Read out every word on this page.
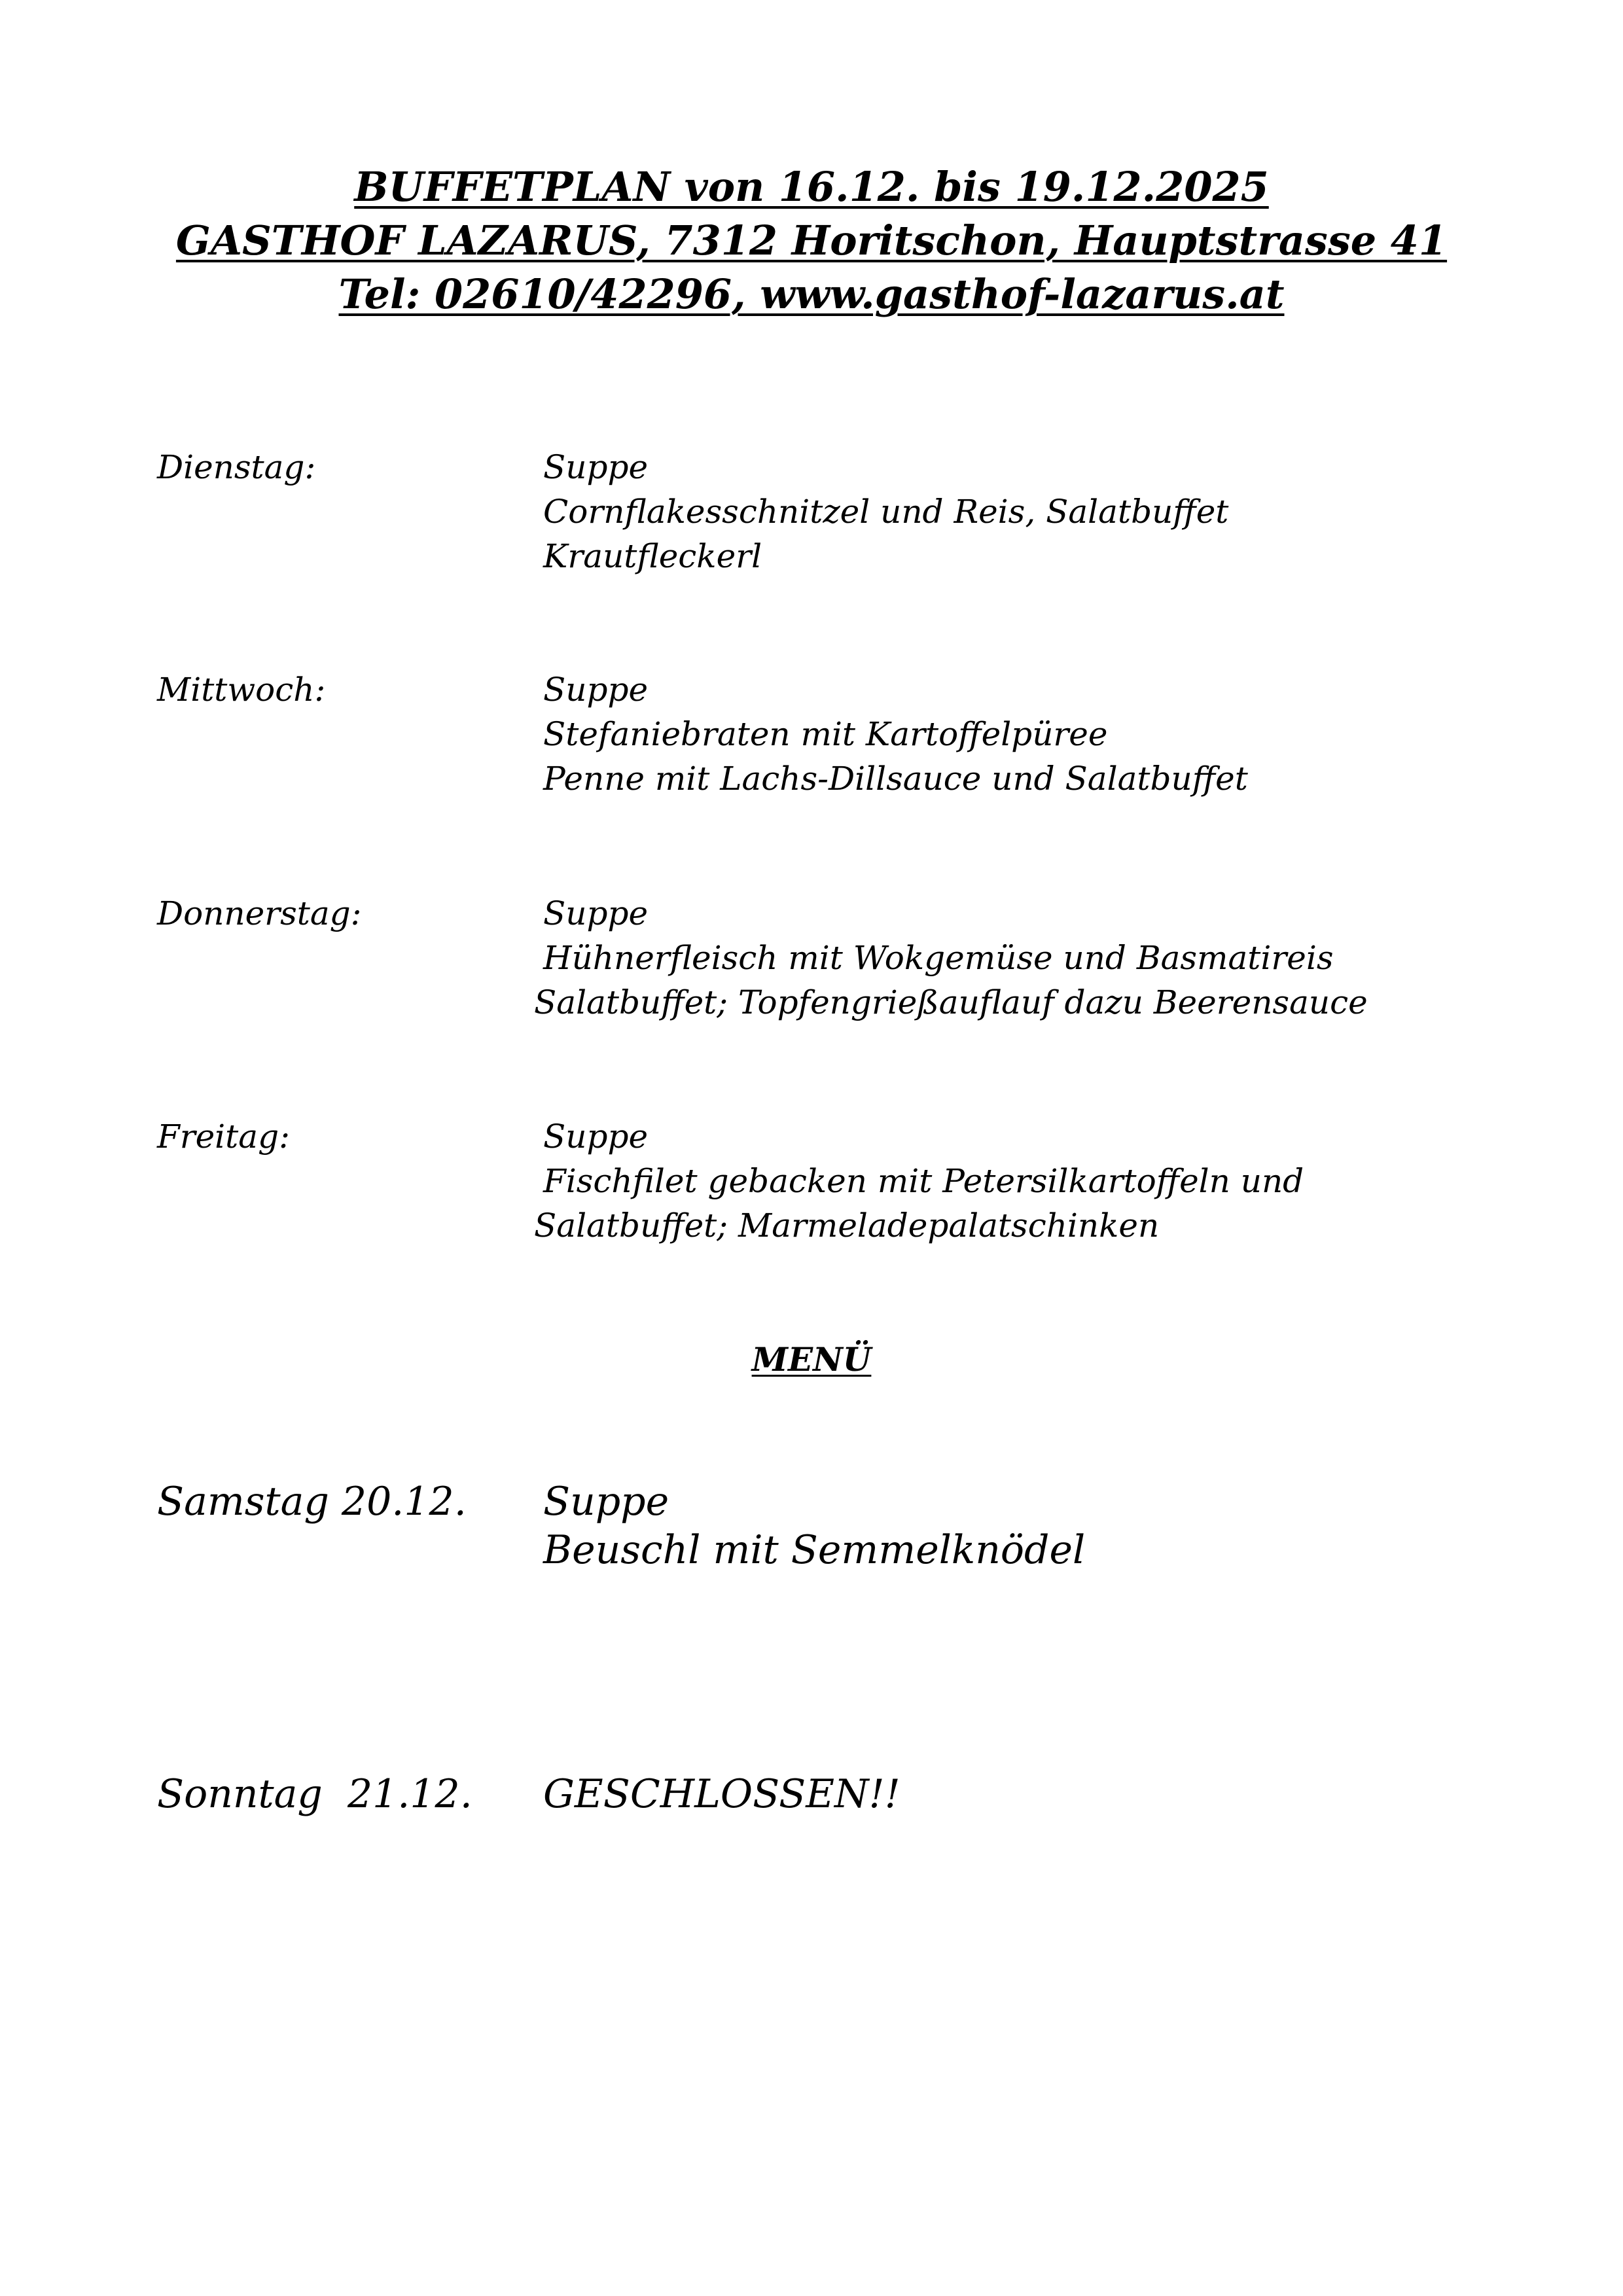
BUFFETPLAN von 16.12. bis 19.12.2025
GASTHOF LAZARUS, 7312 Horitschon, Hauptstrasse 41
Tel: 02610/42296, www.gasthof-lazarus.at
Dienstag:	Suppe
Cornflakesschnitzel und Reis, Salatbuffet
Krautfleckerl
Mittwoch:	Suppe
Stefaniebraten mit Kartoffelpüree
Penne mit Lachs-Dillsauce und Salatbuffet
Donnerstag:	Suppe
Hühnerfleisch mit Wokgemüse und Basmatireis
Salatbuffet; Topfengrießauflauf dazu Beerensauce
Freitag:	Suppe
Fischfilet gebacken mit Petersilkartoffeln und
Salatbuffet; Marmeladepalatschinken
MENÜ
Samstag 20.12. Suppe
Beuschl mit Semmelknödel
Sonntag  21.12. GESCHLOSSEN!!
